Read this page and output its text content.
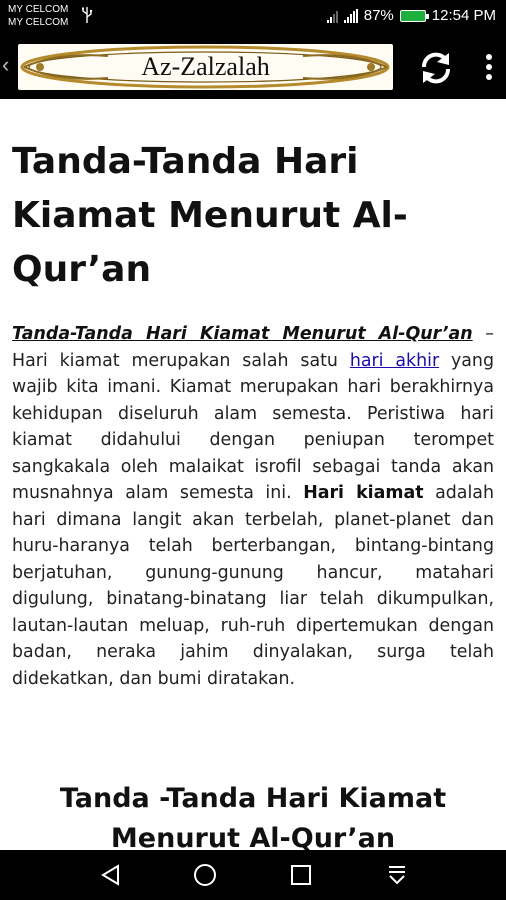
MY CELCOM
MY CELCOM	87%	12:54 PM
‹	Az-Zalzalah
Tanda-Tanda Hari Kiamat Menurut Al-Qur’an

Tanda-Tanda Hari Kiamat Menurut Al-Qur’an – Hari kiamat merupakan salah satu hari akhir yang wajib kita imani. Kiamat merupakan hari berakhirnya kehidupan diseluruh alam semesta. Peristiwa hari kiamat didahului dengan peniupan terompet sangkakala oleh malaikat isrofil sebagai tanda akan musnahnya alam semesta ini. Hari kiamat adalah hari dimana langit akan terbelah, planet-planet dan huru-haranya telah berterbangan, bintang-bintang berjatuhan, gunung-gunung hancur, matahari digulung, binatang-binatang liar telah dikumpulkan, lautan-lautan meluap, ruh-ruh dipertemukan dengan badan, neraka jahim dinyalakan, surga telah didekatkan, dan bumi diratakan.

Tanda -Tanda Hari Kiamat Menurut Al-Qur’an
